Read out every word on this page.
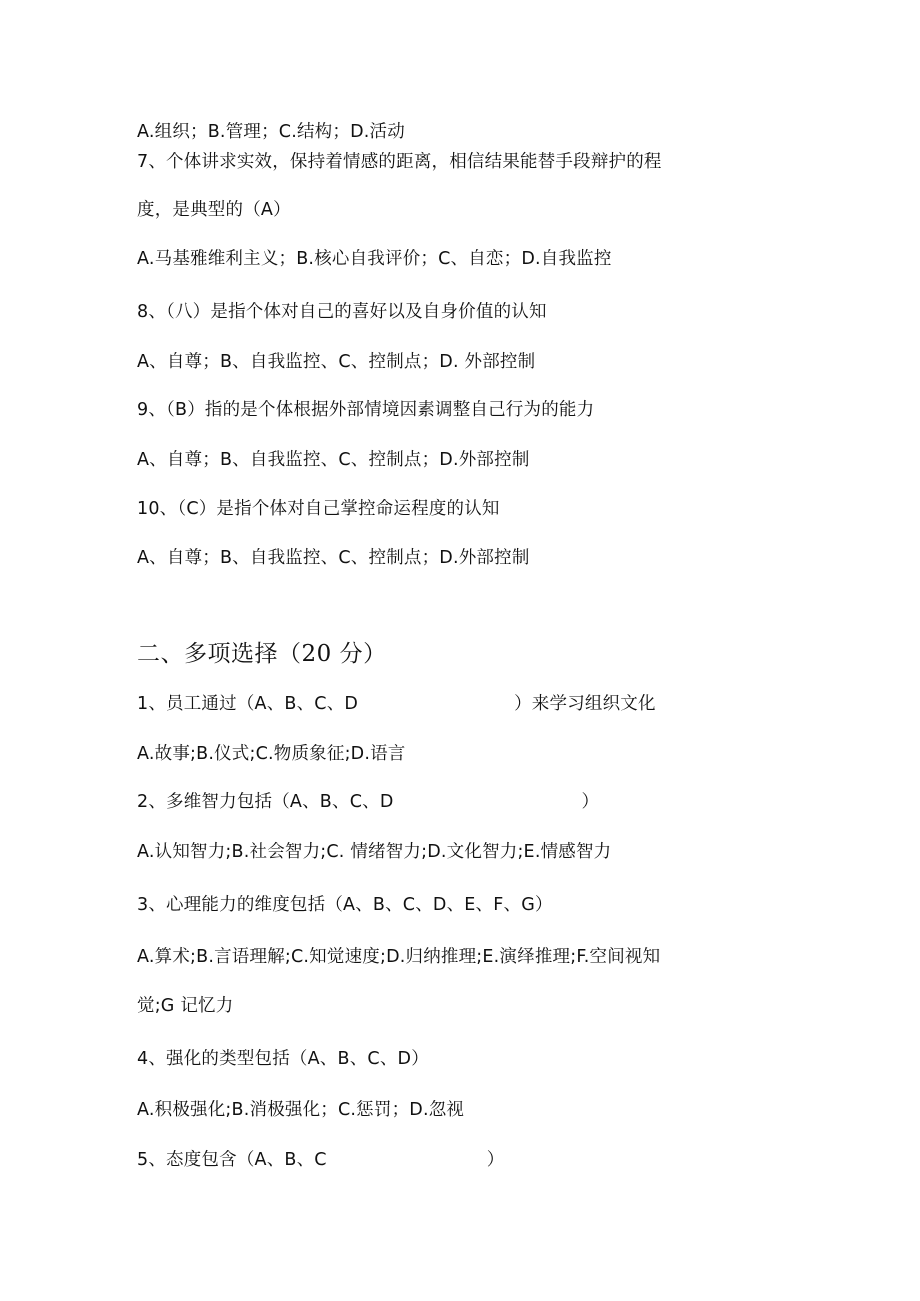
A.组织；B.管理；C.结构；D.活动
7、个体讲求实效，保持着情感的距离，相信结果能替手段辩护的程
度，是典型的（A）
A.马基雅维利主义；B.核心自我评价；C、自恋；D.自我监控
8、（八）是指个体对自己的喜好以及自身价值的认知
A、自尊；B、自我监控、C、控制点；D. 外部控制
9、（B）指的是个体根据外部情境因素调整自己行为的能力
A、自尊；B、自我监控、C、控制点；D.外部控制
10、（C）是指个体对自己掌控命运程度的认知
A、自尊；B、自我监控、C、控制点；D.外部控制
二、多项选择（20 分）
1、员工通过（A、B、C、D	）来学习组织文化
A.故事;B.仪式;C.物质象征;D.语言
2、多维智力包括（A、B、C、D	）
A.认知智力;B.社会智力;C. 情绪智力;D.文化智力;E.情感智力
3、心理能力的维度包括（A、B、C、D、E、F、G）
A.算术;B.言语理解;C.知觉速度;D.归纳推理;E.演绎推理;F.空间视知
觉;G 记忆力
4、强化的类型包括（A、B、C、D）
A.积极强化;B.消极强化；C.惩罚；D.忽视
5、态度包含（A、B、C	）
